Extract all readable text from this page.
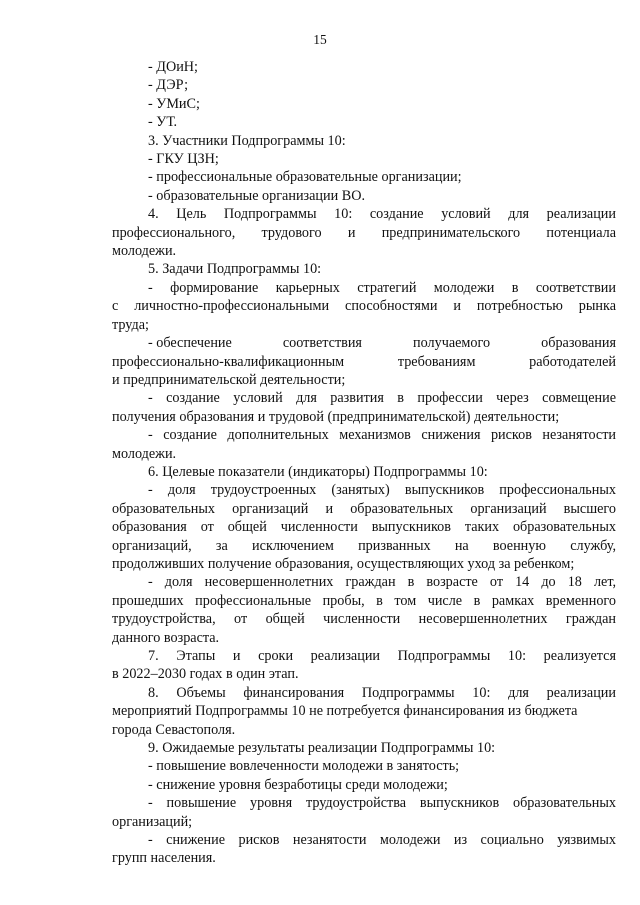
15

- ДОиН;

- ДЭР;

- УМиС;

- УТ.

3. Участники Подпрограммы 10:

- ГКУ ЦЗН;

- профессиональные образовательные организации;

- образовательные организации ВО.

4. Цель Подпрограммы 10: создание условий для реализации

профессионального, трудового и предпринимательского потенциала

молодежи.

5. Задачи Подпрограммы 10:

- формирование карьерных стратегий молодежи в соответствии

с личностно-профессиональными способностями и потребностью рынка

труда;

- обеспечение	соответствия	получаемого	образования
профессионально-квалификационным	требованиям	работодателей

и предпринимательской деятельности;

- создание условий для развития в профессии через совмещение

получения образования и трудовой (предпринимательской) деятельности;

- создание дополнительных механизмов снижения рисков незанятости

молодежи.

6. Целевые показатели (индикаторы) Подпрограммы 10:

- доля трудоустроенных (занятых) выпускников профессиональных

образовательных организаций и образовательных организаций высшего

образования от общей численности выпускников таких образовательных

организаций, за исключением призванных на военную службу,

продолживших получение образования, осуществляющих уход за ребенком;

- доля несовершеннолетних граждан в возрасте от 14 до 18 лет,

прошедших профессиональные пробы, в том числе в рамках временного

трудоустройства, от общей численности несовершеннолетних граждан

данного возраста.

7. Этапы и сроки реализации Подпрограммы 10: реализуется

в 2022–2030 годах в один этап.

8. Объемы финансирования Подпрограммы 10: для реализации

мероприятий Подпрограммы 10 не потребуется финансирования из бюджета

города Севастополя.

9. Ожидаемые результаты реализации Подпрограммы 10:

- повышение вовлеченности молодежи в занятость;

- снижение уровня безработицы среди молодежи;

- повышение уровня трудоустройства выпускников образовательных

организаций;

- снижение рисков незанятости молодежи из социально уязвимых

групп населения.
